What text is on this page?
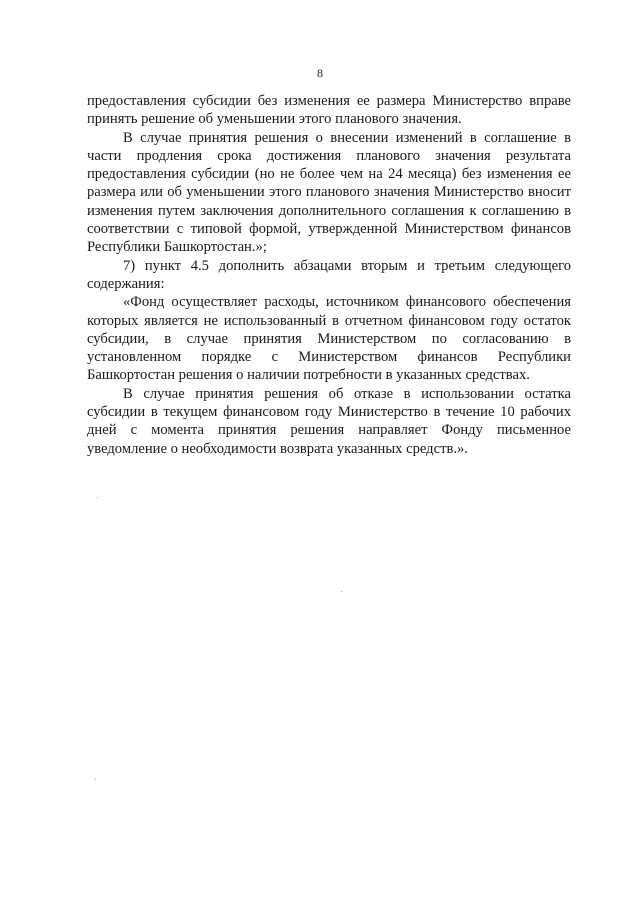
8

предоставления субсидии без изменения ее размера Министерство вправе принять решение об уменьшении этого планового значения.

В случае принятия решения о внесении изменений в соглашение в части продления срока достижения планового значения результата предоставления субсидии (но не более чем на 24 месяца) без изменения ее размера или об уменьшении этого планового значения Министерство вносит изменения путем заключения дополнительного соглашения к соглашению в соответствии с типовой формой, утвержденной Министерством финансов Республики Башкортостан.»;

7) пункт 4.5 дополнить абзацами вторым и третьим следующего содержания:

«Фонд осуществляет расходы, источником финансового обеспечения которых является не использованный в отчетном финансовом году остаток субсидии, в случае принятия Министерством по согласованию в установленном порядке с Министерством финансов Республики Башкортостан решения о наличии потребности в указанных средствах.

В случае принятия решения об отказе в использовании остатка субсидии в текущем финансовом году Министерство в течение 10 рабочих дней с момента принятия решения направляет Фонду письменное уведомление о необходимости возврата указанных средств.».
